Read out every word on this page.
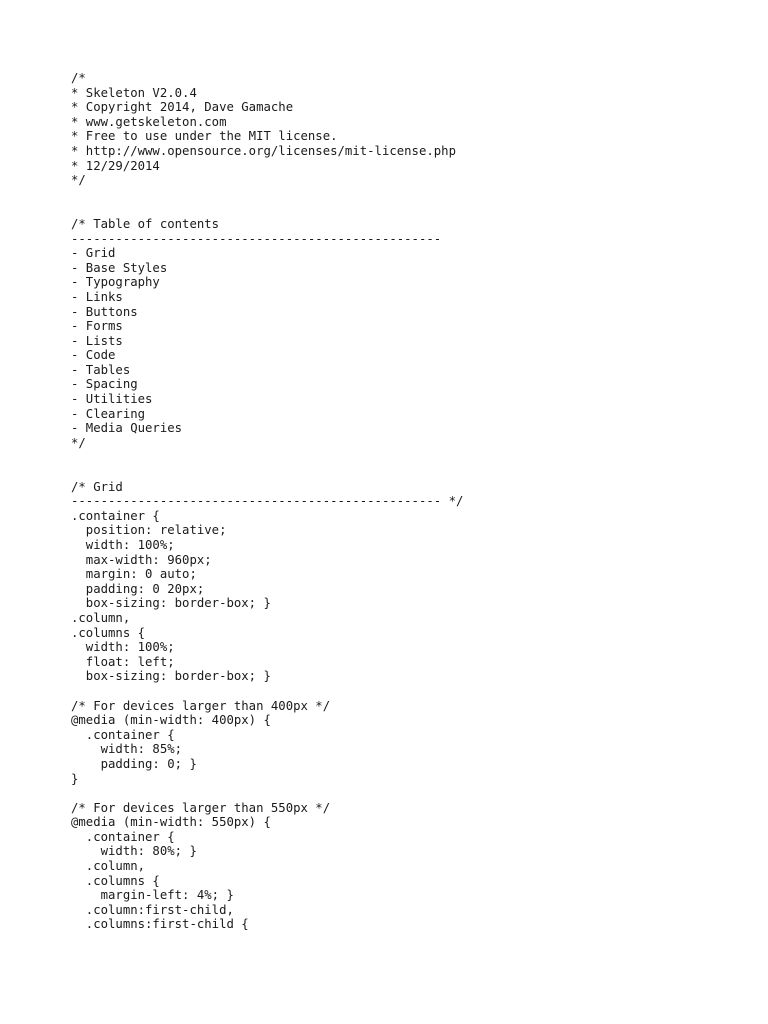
/*
* Skeleton V2.0.4
* Copyright 2014, Dave Gamache
* www.getskeleton.com
* Free to use under the MIT license.
* http://www.opensource.org/licenses/mit-license.php
* 12/29/2014
*/
/* Table of contents
--------------------------------------------------
- Grid
- Base Styles
- Typography
- Links
- Buttons
- Forms
- Lists
- Code
- Tables
- Spacing
- Utilities
- Clearing
- Media Queries
*/
/* Grid
-------------------------------------------------- */
.container {
position: relative;
width: 100%;
max-width: 960px;
margin: 0 auto;
padding: 0 20px;
box-sizing: border-box; }
.column,
.columns {
width: 100%;
float: left;
box-sizing: border-box; }
/* For devices larger than 400px */
@media (min-width: 400px) {
.container {
width: 85%;
padding: 0; }
}
/* For devices larger than 550px */
@media (min-width: 550px) {
.container {
width: 80%; }
.column,
.columns {
margin-left: 4%; }
.column:first-child,
.columns:first-child {
